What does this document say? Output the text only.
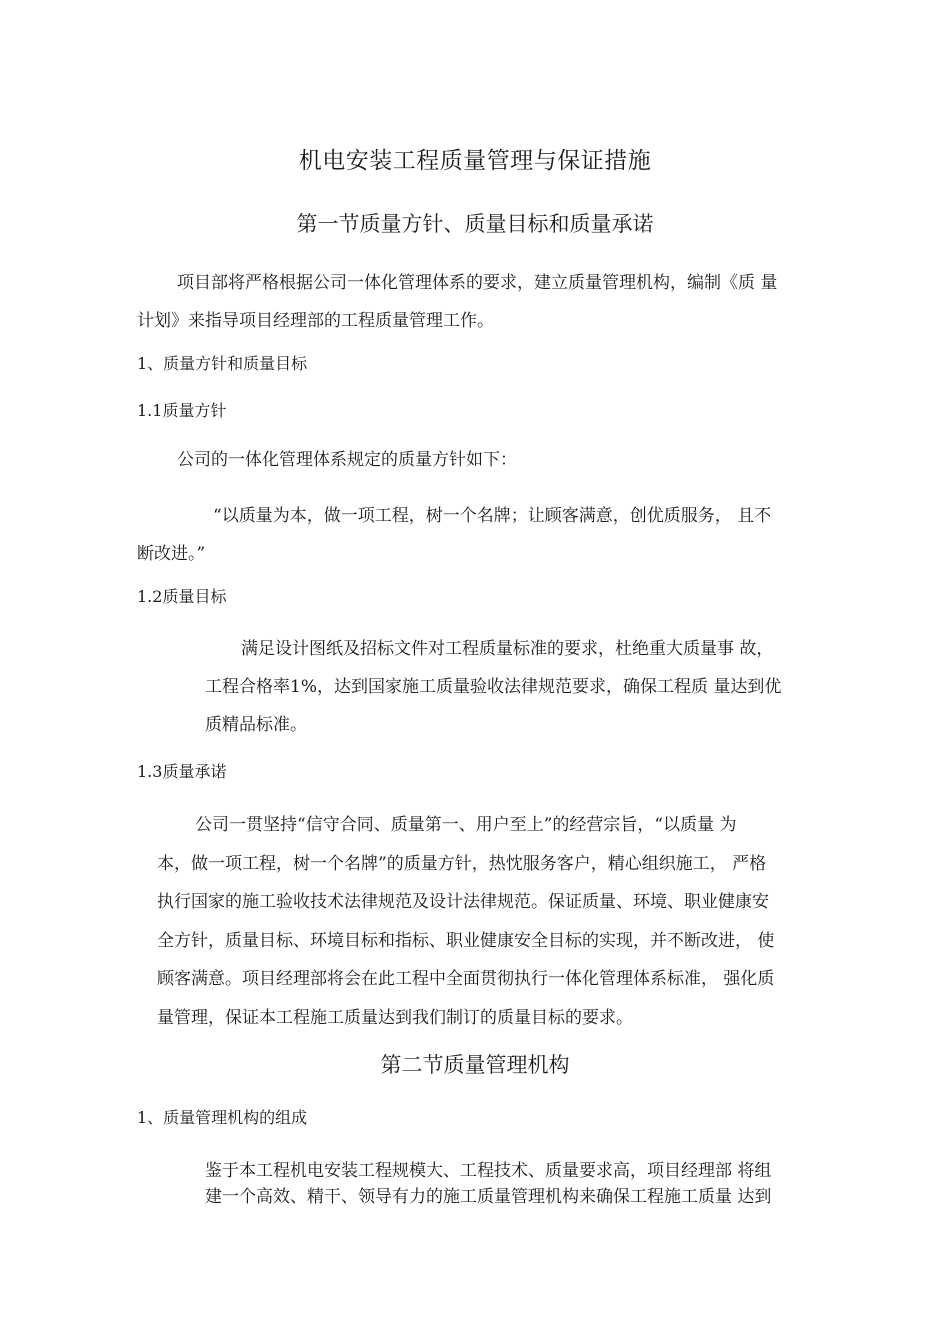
机电安装工程质量管理与保证措施
第一节质量方针、质量目标和质量承诺
项目部将严格根据公司一体化管理体系的要求，建立质量管理机构，编制《质 量
计划》来指导项目经理部的工程质量管理工作。
1、质量方针和质量目标
1.1质量方针
公司的一体化管理体系规定的质量方针如下：
“以质量为本，做一项工程，树一个名牌；让顾客满意，创优质服务， 且不
断改进。”
1.2质量目标
满足设计图纸及招标文件对工程质量标准的要求，杜绝重大质量事 故，
工程合格率1%，达到国家施工质量验收法律规范要求，确保工程质 量达到优
质精品标准。
1.3质量承诺
公司一贯坚持“信守合同、质量第一、用户至上”的经营宗旨，“以质量 为
本，做一项工程，树一个名牌”的质量方针，热忱服务客户，精心组织施工， 严格
执行国家的施工验收技术法律规范及设计法律规范。保证质量、环境、职业健康安
全方针，质量目标、环境目标和指标、职业健康安全目标的实现，并不断改进， 使
顾客满意。项目经理部将会在此工程中全面贯彻执行一体化管理体系标准， 强化质
量管理，保证本工程施工质量达到我们制订的质量目标的要求。
第二节质量管理机构
1、质量管理机构的组成
鉴于本工程机电安装工程规模大、工程技术、质量要求高，项目经理部 将组
建一个高效、精干、领导有力的施工质量管理机构来确保工程施工质量 达到
